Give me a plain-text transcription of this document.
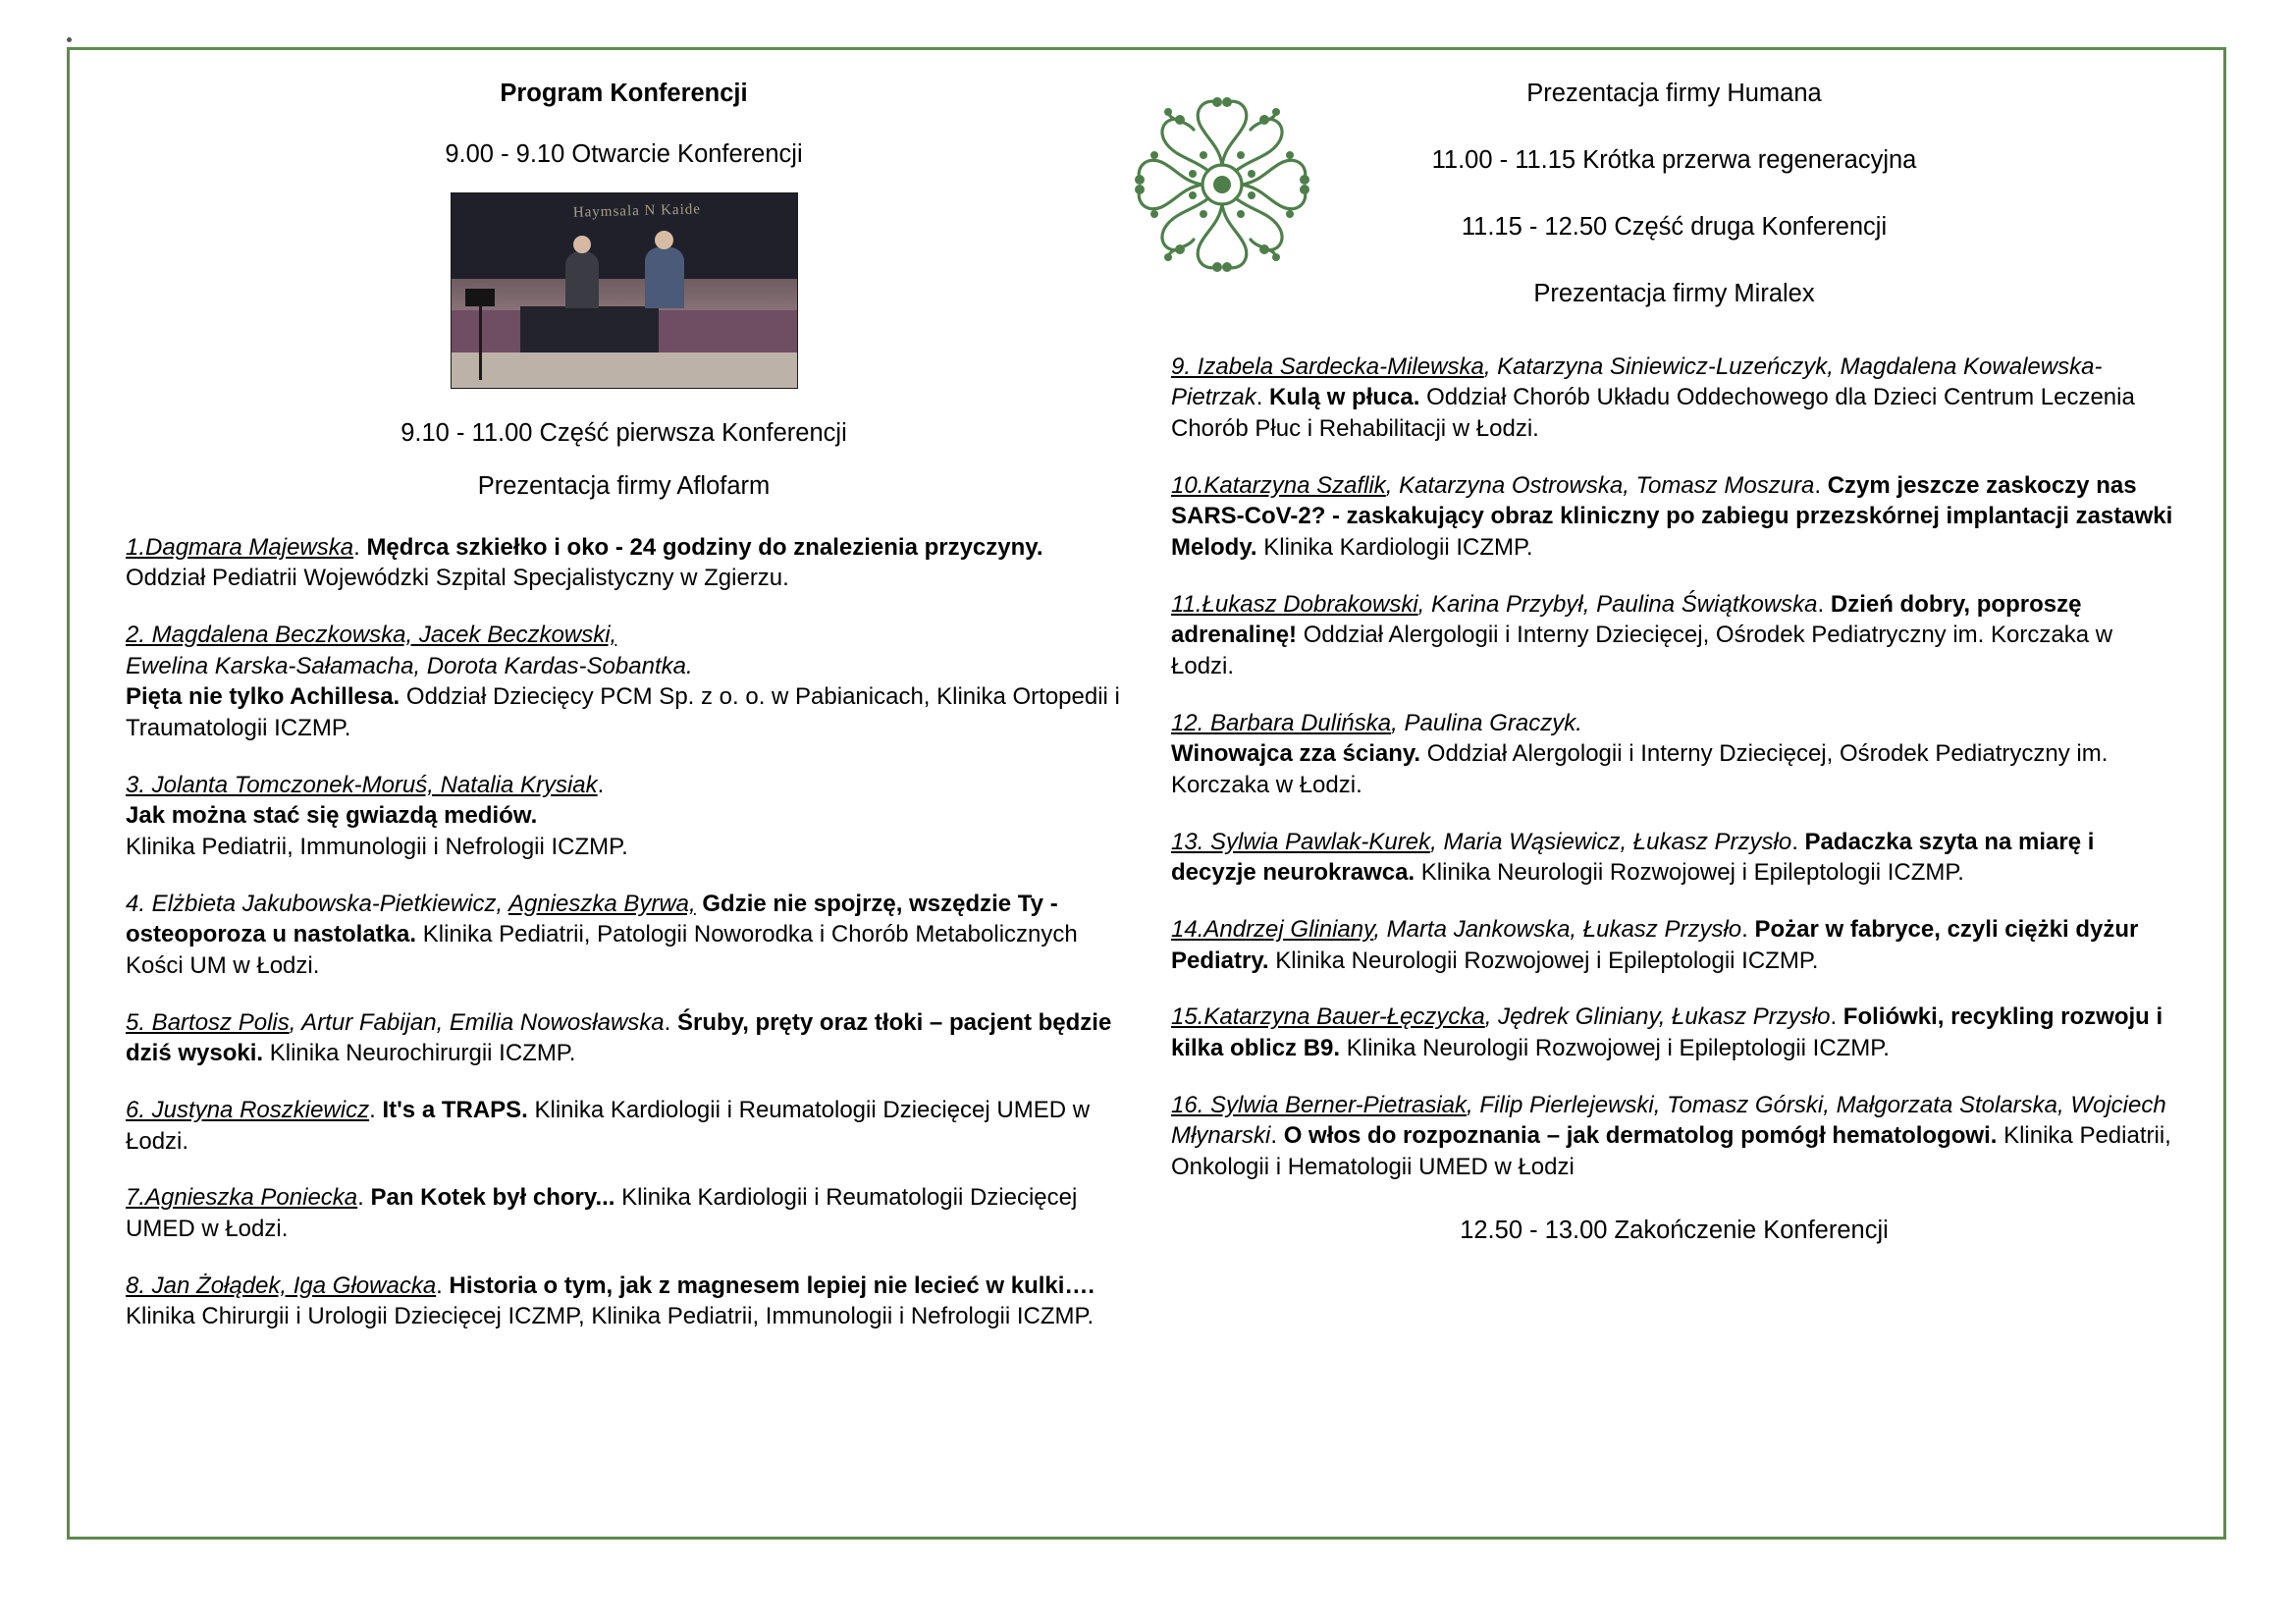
Program Konferencji
9.00 - 9.10 Otwarcie Konferencji
Haymsala N Kaide
9.10 - 11.00 Część pierwsza Konferencji
Prezentacja firmy Aflofarm

1.Dagmara Majewska. Mędrca szkiełko i oko - 24 godziny do znalezienia przyczyny. Oddział Pediatrii Wojewódzki Szpital Specjalistyczny w Zgierzu.

2. Magdalena Beczkowska, Jacek Beczkowski,
Ewelina Karska-Sałamacha, Dorota Kardas-Sobantka.
Pięta nie tylko Achillesa. Oddział Dziecięcy PCM Sp. z o. o. w Pabianicach, Klinika Ortopedii i Traumatologii ICZMP.

3. Jolanta Tomczonek-Moruś, Natalia Krysiak.
Jak można stać się gwiazdą mediów.
Klinika Pediatrii, Immunologii i Nefrologii ICZMP.

4. Elżbieta Jakubowska-Pietkiewicz, Agnieszka Byrwa, Gdzie nie spojrzę, wszędzie Ty - osteoporoza u nastolatka. Klinika Pediatrii, Patologii Noworodka i Chorób Metabolicznych Kości UM w Łodzi.

5. Bartosz Polis, Artur Fabijan, Emilia Nowosławska. Śruby, pręty oraz tłoki – pacjent będzie dziś wysoki. Klinika Neurochirurgii ICZMP.

6. Justyna Roszkiewicz. It's a TRAPS. Klinika Kardiologii i Reumatologii Dziecięcej UMED w Łodzi.

7.Agnieszka Poniecka. Pan Kotek był chory... Klinika Kardiologii i Reumatologii Dziecięcej UMED w Łodzi.

8. Jan Żołądek, Iga Głowacka. Historia o tym, jak z magnesem lepiej nie lecieć w kulki…. Klinika Chirurgii i Urologii Dziecięcej ICZMP, Klinika Pediatrii, Immunologii i Nefrologii ICZMP.

Prezentacja firmy Humana
11.00 - 11.15 Krótka przerwa regeneracyjna
11.15 - 12.50 Część druga Konferencji
Prezentacja firmy Miralex

9. Izabela Sardecka-Milewska, Katarzyna Siniewicz-Luzeńczyk, Magdalena Kowalewska-Pietrzak. Kulą w płuca. Oddział Chorób Układu Oddechowego dla Dzieci Centrum Leczenia Chorób Płuc i Rehabilitacji w Łodzi.

10.Katarzyna Szaflik, Katarzyna Ostrowska, Tomasz Moszura. Czym jeszcze zaskoczy nas SARS-CoV-2? - zaskakujący obraz kliniczny po zabiegu przezskórnej implantacji zastawki Melody. Klinika Kardiologii ICZMP.

11.Łukasz Dobrakowski, Karina Przybył, Paulina Świątkowska. Dzień dobry, poproszę adrenalinę! Oddział Alergologii i Interny Dziecięcej, Ośrodek Pediatryczny im. Korczaka w Łodzi.

12. Barbara Dulińska, Paulina Graczyk.
Winowajca zza ściany. Oddział Alergologii i Interny Dziecięcej, Ośrodek Pediatryczny im. Korczaka w Łodzi.

13. Sylwia Pawlak-Kurek, Maria Wąsiewicz, Łukasz Przysło. Padaczka szyta na miarę i decyzje neurokrawca. Klinika Neurologii Rozwojowej i Epileptologii ICZMP.

14.Andrzej Gliniany, Marta Jankowska, Łukasz Przysło. Pożar w fabryce, czyli ciężki dyżur Pediatry. Klinika Neurologii Rozwojowej i Epileptologii ICZMP.

15.Katarzyna Bauer-Łęczycka, Jędrek Gliniany, Łukasz Przysło. Foliówki, recykling rozwoju i kilka oblicz B9. Klinika Neurologii Rozwojowej i Epileptologii ICZMP.

16. Sylwia Berner-Pietrasiak, Filip Pierlejewski, Tomasz Górski, Małgorzata Stolarska, Wojciech Młynarski. O włos do rozpoznania – jak dermatolog pomógł hematologowi. Klinika Pediatrii, Onkologii i Hematologii UMED w Łodzi

12.50 - 13.00 Zakończenie Konferencji
